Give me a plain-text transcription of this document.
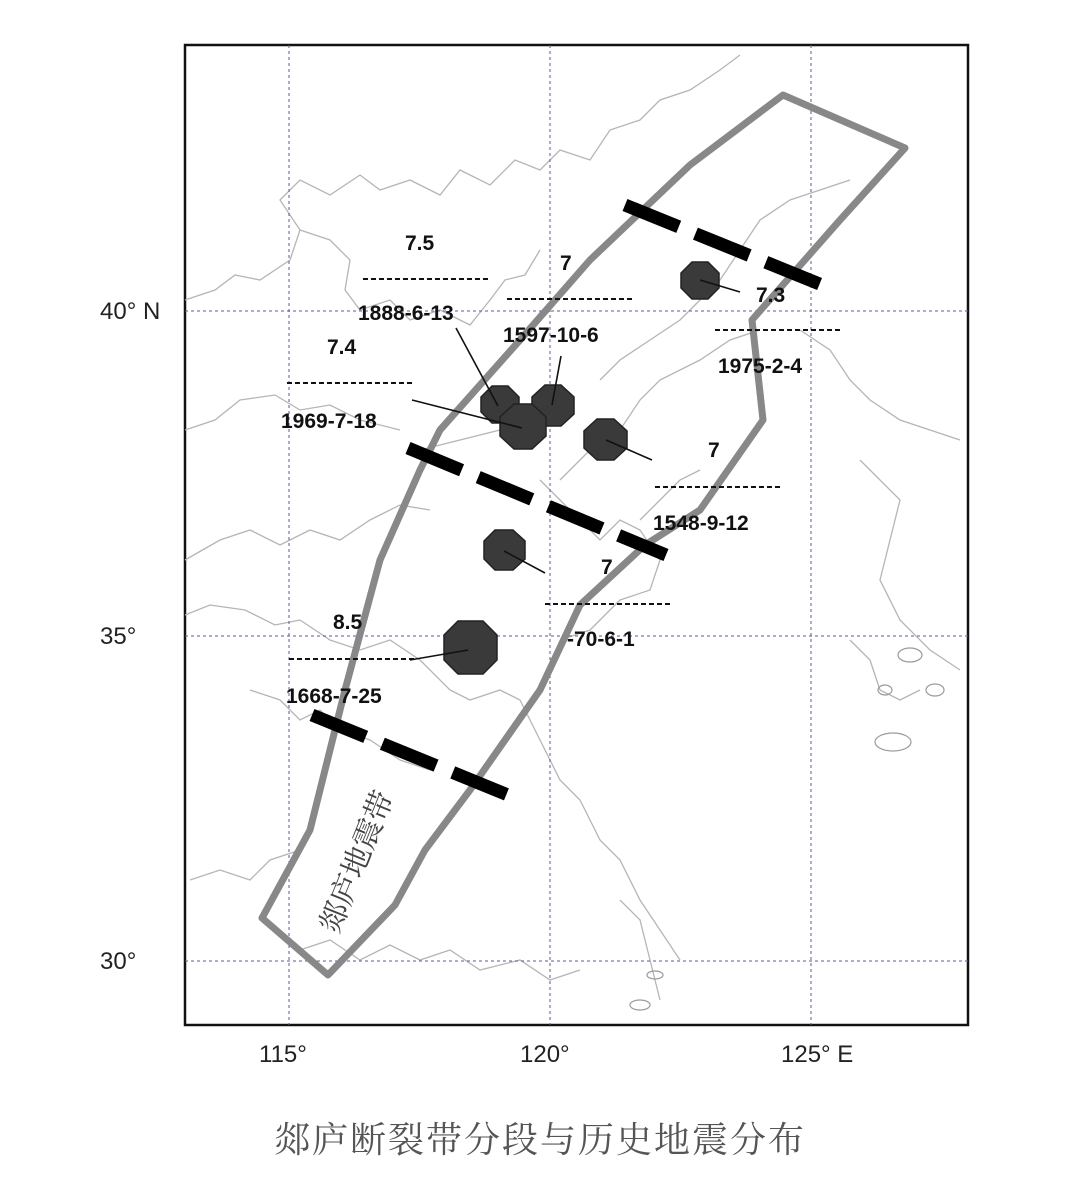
115°	120°	125° E
40° N
35°
30°
7.5
1888-6-13
7
1597-10-6
7.3
1975-2-4
7.4
1969-7-18
7
1548-9-12
7
-70-6-1
8.5
1668-7-25
郯庐地震带
郯庐断裂带分段与历史地震分布
